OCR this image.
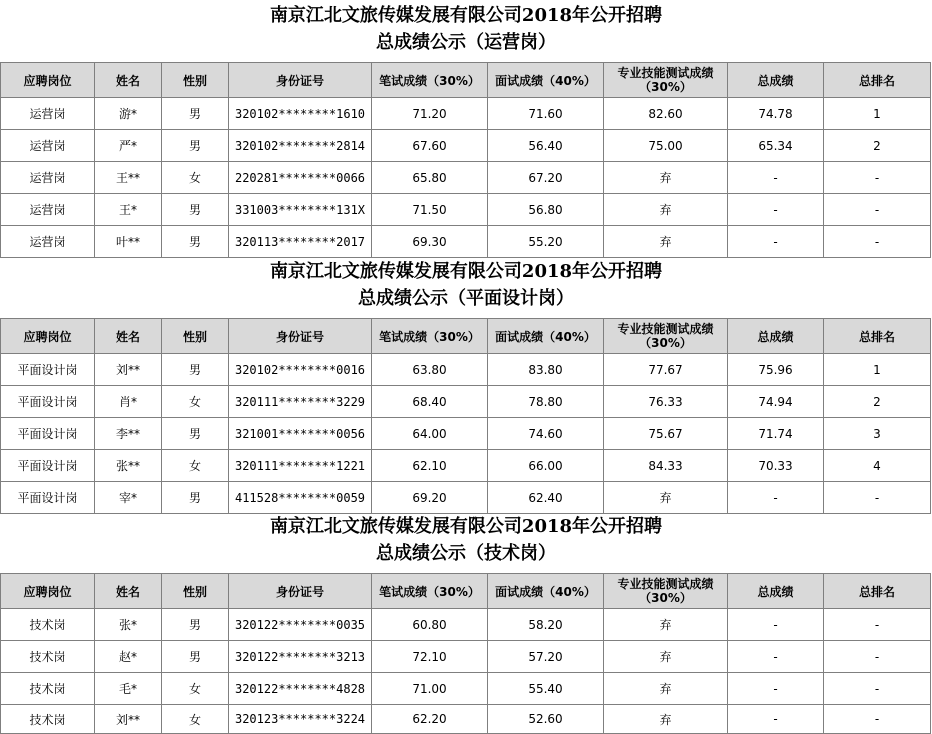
南京江北文旅传媒发展有限公司2018年公开招聘
总成绩公示（运营岗）
应聘岗位	姓名	性别	身份证号	笔试成绩（30%）	面试成绩（40%）	专业技能测试成绩（30%）	总成绩	总排名
运营岗	游*	男	320102********1610	71.20	71.60	82.60	74.78	1
运营岗	严*	男	320102********2814	67.60	56.40	75.00	65.34	2
运营岗	王**	女	220281********0066	65.80	67.20	弃	-	-
运营岗	王*	男	331003********131X	71.50	56.80	弃	-	-
运营岗	叶**	男	320113********2017	69.30	55.20	弃	-	-
南京江北文旅传媒发展有限公司2018年公开招聘
总成绩公示（平面设计岗）
应聘岗位	姓名	性别	身份证号	笔试成绩（30%）	面试成绩（40%）	专业技能测试成绩（30%）	总成绩	总排名
平面设计岗	刘**	男	320102********0016	63.80	83.80	77.67	75.96	1
平面设计岗	肖*	女	320111********3229	68.40	78.80	76.33	74.94	2
平面设计岗	李**	男	321001********0056	64.00	74.60	75.67	71.74	3
平面设计岗	张**	女	320111********1221	62.10	66.00	84.33	70.33	4
平面设计岗	宰*	男	411528********0059	69.20	62.40	弃	-	-
南京江北文旅传媒发展有限公司2018年公开招聘
总成绩公示（技术岗）
应聘岗位	姓名	性别	身份证号	笔试成绩（30%）	面试成绩（40%）	专业技能测试成绩（30%）	总成绩	总排名
技术岗	张*	男	320122********0035	60.80	58.20	弃	-	-
技术岗	赵*	男	320122********3213	72.10	57.20	弃	-	-
技术岗	毛*	女	320122********4828	71.00	55.40	弃	-	-
技术岗	刘**	女	320123********3224	62.20	52.60	弃	-	-
